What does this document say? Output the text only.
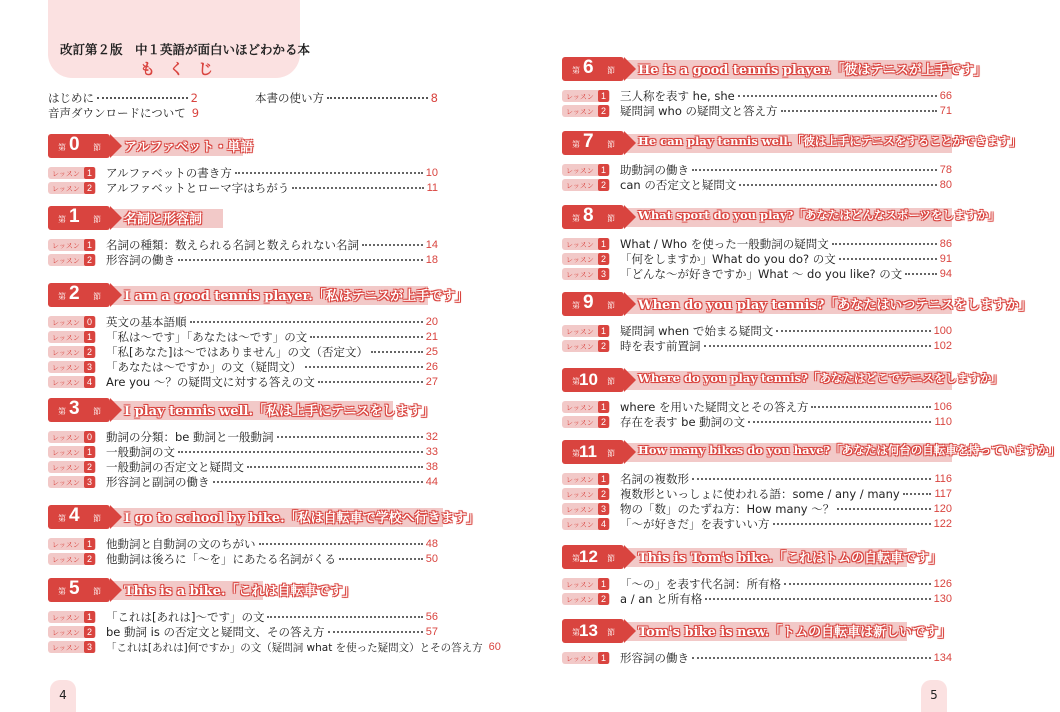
改訂第２版　中１英語が面白いほどわかる本
もくじ
はじめに	2
音声ダウンロードについて 9
本書の使い方	8
第 0 節 アルファベット・単語
レッスン 1 アルファベットの書き方	10
レッスン 2 アルファベットとローマ字はちがう	11
第 1 節 名詞と形容詞
レッスン 1 名詞の種類：数えられる名詞と数えられない名詞	14
レッスン 2 形容詞の働き	18
第 2 節 I am a good tennis player.「私はテニスが上手です」
レッスン 0 英文の基本語順	20
レッスン 1 「私は～です」「あなたは～です」の文	21
レッスン 2 「私[あなた]は～ではありません」の文（否定文）	25
レッスン 3 「あなたは～ですか」の文（疑問文）	26
レッスン 4 Are you ～？の疑問文に対する答えの文	27
第 3 節 I play tennis well.「私は上手にテニスをします」
レッスン 0 動詞の分類：be 動詞と一般動詞	32
レッスン 1 一般動詞の文	33
レッスン 2 一般動詞の否定文と疑問文	38
レッスン 3 形容詞と副詞の働き	44
第 4 節 I go to school by bike.「私は自転車で学校へ行きます」
レッスン 1 他動詞と自動詞の文のちがい	48
レッスン 2 他動詞は後ろに「～を」にあたる名詞がくる	50
第 5 節 This is a bike.「これは自転車です」
レッスン 1 「これは[あれは]～です」の文	56
レッスン 2 be 動詞 is の否定文と疑問文、その答え方	57
レッスン 3 「これは[あれは]何ですか」の文（疑問詞 what を使った疑問文）とその答え方 60
第 6 節 He is a good tennis player.「彼はテニスが上手です」
レッスン 1 三人称を表す he, she	66
レッスン 2 疑問詞 who の疑問文と答え方	71
第 7 節 He can play tennis well.「彼は上手にテニスをすることができます」
レッスン 1 助動詞の働き	78
レッスン 2 can の否定文と疑問文	80
第 8 節 What sport do you play?「あなたはどんなスポーツをしますか」
レッスン 1 What / Who を使った一般動詞の疑問文	86
レッスン 2 「何をしますか」What do you do? の文	91
レッスン 3 「どんな～が好きですか」What ～ do you like? の文	94
第 9 節 When do you play tennis?「あなたはいつテニスをしますか」
レッスン 1 疑問詞 when で始まる疑問文	100
レッスン 2 時を表す前置詞	102
第 10 節 Where do you play tennis?「あなたはどこでテニスをしますか」
レッスン 1 where を用いた疑問文とその答え方	106
レッスン 2 存在を表す be 動詞の文	110
第 11 節 How many bikes do you have?「あなたは何台の自転車を持っていますか」
レッスン 1 名詞の複数形	116
レッスン 2 複数形といっしょに使われる語：some / any / many	117
レッスン 3 物の「数」のたずね方：How many ～？	120
レッスン 4 「～が好きだ」を表すいい方	122
第 12 節 This is Tom's bike.「これはトムの自転車です」
レッスン 1 「～の」を表す代名詞：所有格	126
レッスン 2 a / an と所有格	130
第 13 節 Tom's bike is new.「トムの自転車は新しいです」
レッスン 1 形容詞の働き	134
4	5
